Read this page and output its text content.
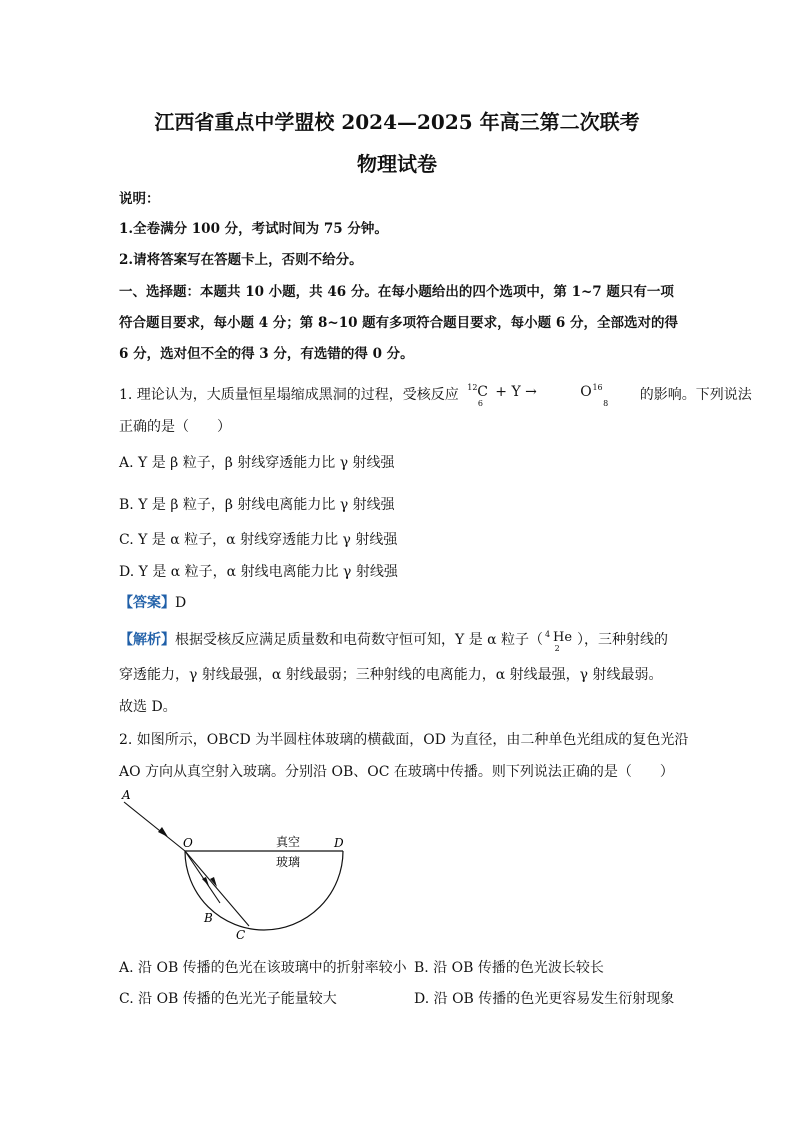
江西省重点中学盟校 2024—2025 年高三第二次联考
物理试卷
说明：
1.全卷满分 100 分，考试时间为 75 分钟。
2.请将答案写在答题卡上，否则不给分。
一、选择题：本题共 10 小题，共 46 分。在每小题给出的四个选项中，第 1~7 题只有一项
符合题目要求，每小题 4 分；第 8~10 题有多项符合题目要求，每小题 6 分，全部选对的得
6 分，选对但不全的得 3 分，有选错的得 0 分。
1. 理论认为，大质量恒星塌缩成黑洞的过程，受核反应 $^{12}$ $_6$
C + Y →	$^{16}$ $_8$
O	的影响。下列说法
正确的是（　　）
A. Y 是 β 粒子，β 射线穿透能力比 γ 射线强
B. Y 是 β 粒子，β 射线电离能力比 γ 射线强
C. Y 是 α 粒子，α 射线穿透能力比 γ 射线强
D. Y 是 α 粒子，α 射线电离能力比 γ 射线强
【答案】D
【解析】根据受核反应满足质量数和电荷数守恒可知，Y 是 α 粒子（ $^4$ $_2$
He ），三种射线的
穿透能力，γ 射线最强，α 射线最弱；三种射线的电离能力，α 射线最强，γ 射线最弱。
故选 D。
2. 如图所示，OBCD 为半圆柱体玻璃的横截面，OD 为直径，由二种单色光组成的复色光沿
AO 方向从真空射入玻璃。分别沿 OB、OC 在玻璃中传播。则下列说法正确的是（　　）
A
O	D
B
C
真空
玻璃
A. 沿 OB 传播的色光在该玻璃中的折射率较小 B. 沿 OB 传播的色光波长较长
C. 沿 OB 传播的色光光子能量较大	D. 沿 OB 传播的色光更容易发生衍射现象
